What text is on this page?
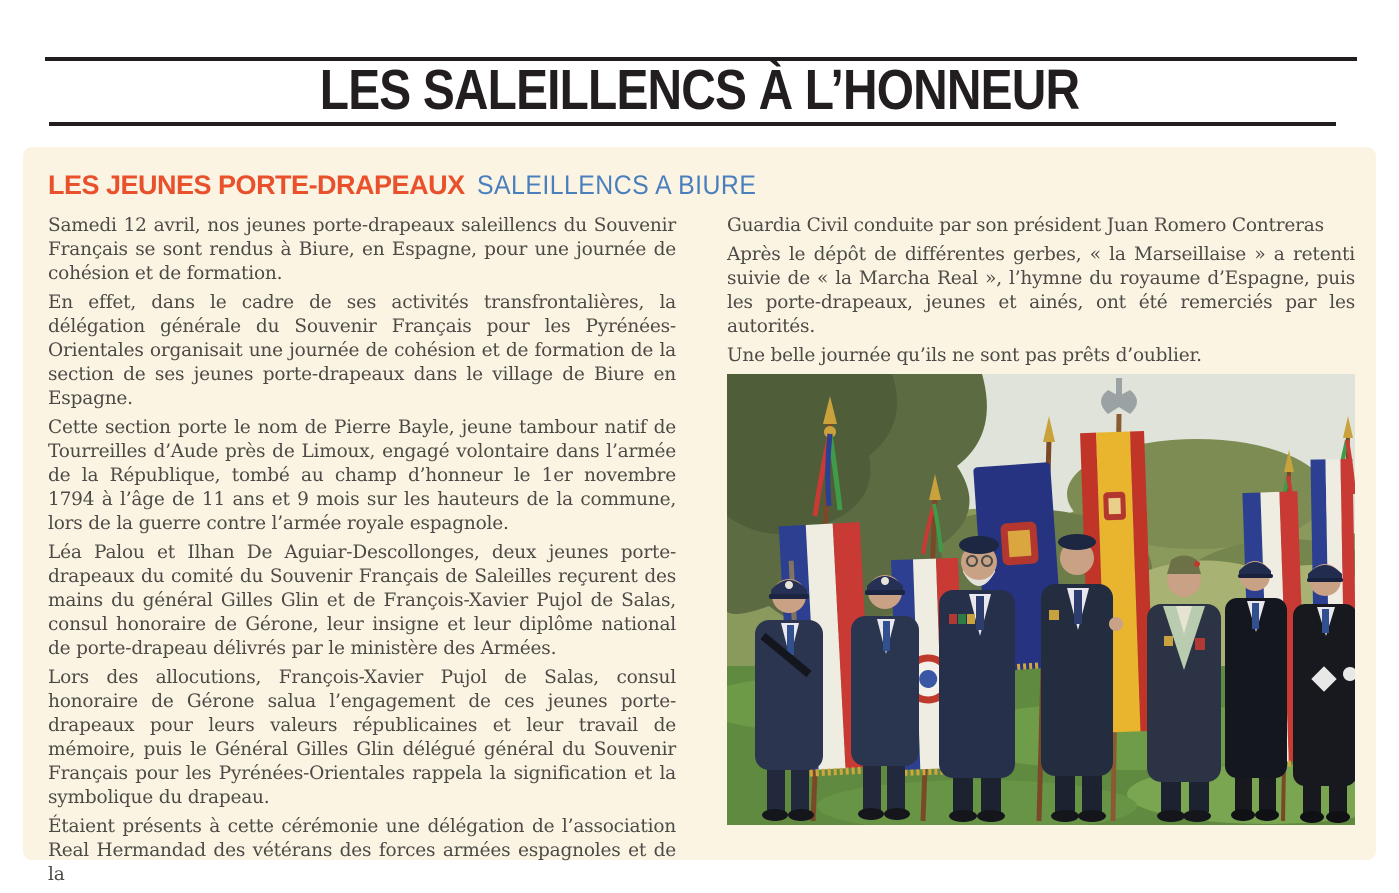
LES SALEILLENCS À L’HONNEUR
LES JEUNES PORTE-DRAPEAUX SALEILLENCS A BIURE

Samedi 12 avril, nos jeunes porte-drapeaux saleillencs du Souvenir Français se sont rendus à Biure, en Espagne, pour une journée de cohésion et de formation.

En effet, dans le cadre de ses activités transfrontalières, la délégation générale du Souvenir Français pour les Pyrénées-Orientales organisait une journée de cohésion et de formation de la section de ses jeunes porte-drapeaux dans le village de Biure en Espagne.

Cette section porte le nom de Pierre Bayle, jeune tambour natif de Tourreilles d’Aude près de Limoux, engagé volontaire dans l’armée de la République, tombé au champ d’honneur le 1er novembre 1794 à l’âge de 11 ans et 9 mois sur les hauteurs de la commune, lors de la guerre contre l’armée royale espagnole.

Léa Palou et Ilhan De Aguiar-Descollonges, deux jeunes porte-drapeaux du comité du Souvenir Français de Saleilles reçurent des mains du général Gilles Glin et de François-Xavier Pujol de Salas, consul honoraire de Gérone, leur insigne et leur diplôme national de porte-drapeau délivrés par le ministère des Armées.

Lors des allocutions, François-Xavier Pujol de Salas, consul honoraire de Gérone salua l’engagement de ces jeunes porte-drapeaux pour leurs valeurs républicaines et leur travail de mémoire, puis le Général Gilles Glin délégué général du Souvenir Français pour les Pyrénées-Orientales rappela la signification et la symbolique du drapeau.

Étaient présents à cette cérémonie une délégation de l’association Real Hermandad des vétérans des forces armées espagnoles et de la

Guardia Civil conduite par son président Juan Romero Contreras

Après le dépôt de différentes gerbes, « la Marseillaise » a retenti suivie de « la Marcha Real », l’hymne du royaume d’Espagne, puis les porte-drapeaux, jeunes et ainés, ont été remerciés par les autorités.

Une belle journée qu’ils ne sont pas prêts d’oublier.
